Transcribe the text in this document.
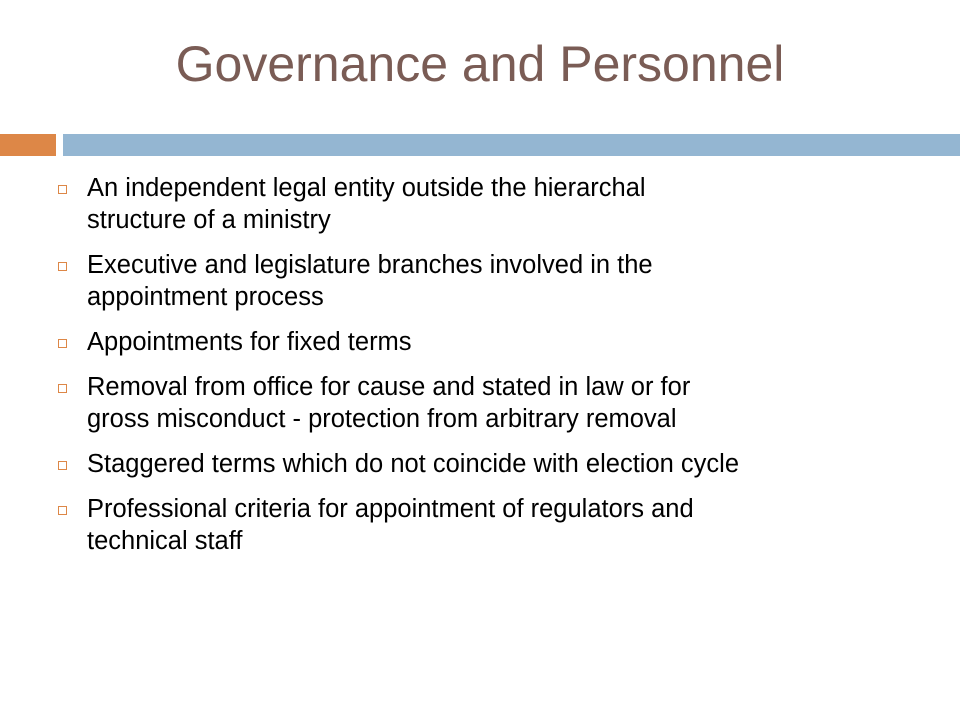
Governance and Personnel
An independent legal entity outside the hierarchal
structure of a ministry
Executive and legislature branches involved in the
appointment process
Appointments for fixed terms
Removal from office for cause and stated in law or for
gross misconduct - protection from arbitrary removal
Staggered terms which do not coincide with election cycle
Professional criteria for appointment of regulators and
technical staff
